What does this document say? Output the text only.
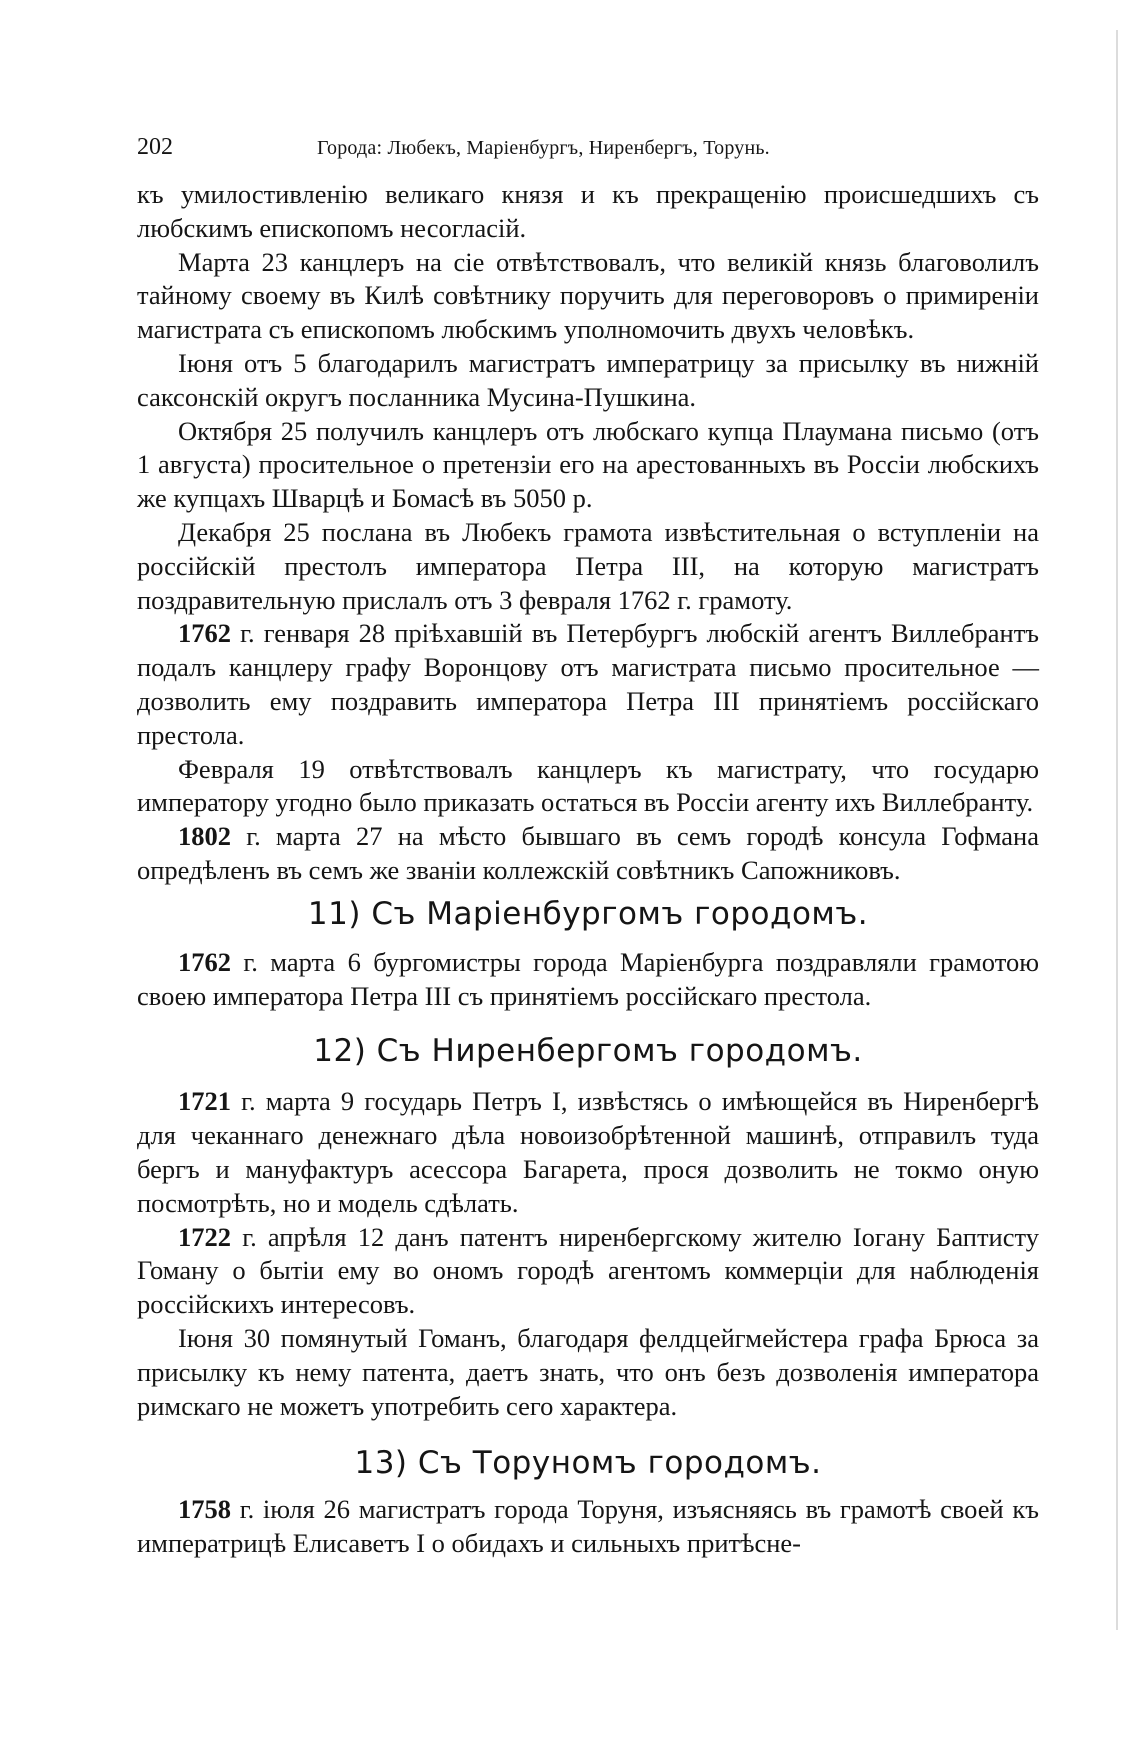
202	Города: Любекъ, Маріенбургъ, Ниренбергъ, Торунь.

къ умилостивленію великаго князя и къ прекращенію происшедшихъ съ любскимъ епископомъ несогласій.

Марта 23 канцлеръ на сіе отвѣтствовалъ, что великій князь благоволилъ тайному своему въ Килѣ совѣтнику поручить для переговоровъ о примиреніи магистрата съ епископомъ любскимъ уполномочить двухъ человѣкъ.

Іюня отъ 5 благодарилъ магистратъ императрицу за присылку въ нижній саксонскій округъ посланника Мусина-Пушкина.

Октября 25 получилъ канцлеръ отъ любскаго купца Плаумана письмо (отъ 1 августа) просительное о претензіи его на арестованныхъ въ Россіи любскихъ же купцахъ Шварцѣ и Бомасѣ въ 5050 р.

Декабря 25 послана въ Любекъ грамота извѣстительная о вступленіи на россійскій престолъ императора Петра III, на которую магистратъ поздравительную прислалъ отъ 3 февраля 1762 г. грамоту.

1762 г. генваря 28 пріѣхавшій въ Петербургъ любскій агентъ Виллебрантъ подалъ канцлеру графу Воронцову отъ магистрата письмо просительное — дозволить ему поздравить императора Петра III принятіемъ россійскаго престола.

Февраля 19 отвѣтствовалъ канцлеръ къ магистрату, что государю императору угодно было приказать остаться въ Россіи агенту ихъ Виллебранту.

1802 г. марта 27 на мѣсто бывшаго въ семъ городѣ консула Гофмана опредѣленъ въ семъ же званіи коллежскій совѣтникъ Сапожниковъ.

11) Съ Маріенбургомъ городомъ.

1762 г. марта 6 бургомистры города Маріенбурга поздравляли грамотою своею императора Петра III съ принятіемъ россійскаго престола.

12) Съ Ниренбергомъ городомъ.

1721 г. марта 9 государь Петръ I, извѣстясь о имѣющейся въ Ниренбергѣ для чеканнаго денежнаго дѣла новоизобрѣтенной машинѣ, отправилъ туда бергъ и мануфактуръ асессора Багарета, прося дозволить не токмо оную посмотрѣть, но и модель сдѣлать.

1722 г. апрѣля 12 данъ патентъ ниренбергскому жителю Іогану Баптисту Гоману о бытіи ему во ономъ городѣ агентомъ коммерціи для наблюденія россійскихъ интересовъ.

Іюня 30 помянутый Гоманъ, благодаря фелдцейгмейстера графа Брюса за присылку къ нему патента, даетъ знать, что онъ безъ дозволенія императора римскаго не можетъ употребить сего характера.

13) Съ Торуномъ городомъ.

1758 г. іюля 26 магистратъ города Торуня, изъясняясь въ грамотѣ своей къ императрицѣ Елисаветъ I о обидахъ и сильныхъ притѣсне-
